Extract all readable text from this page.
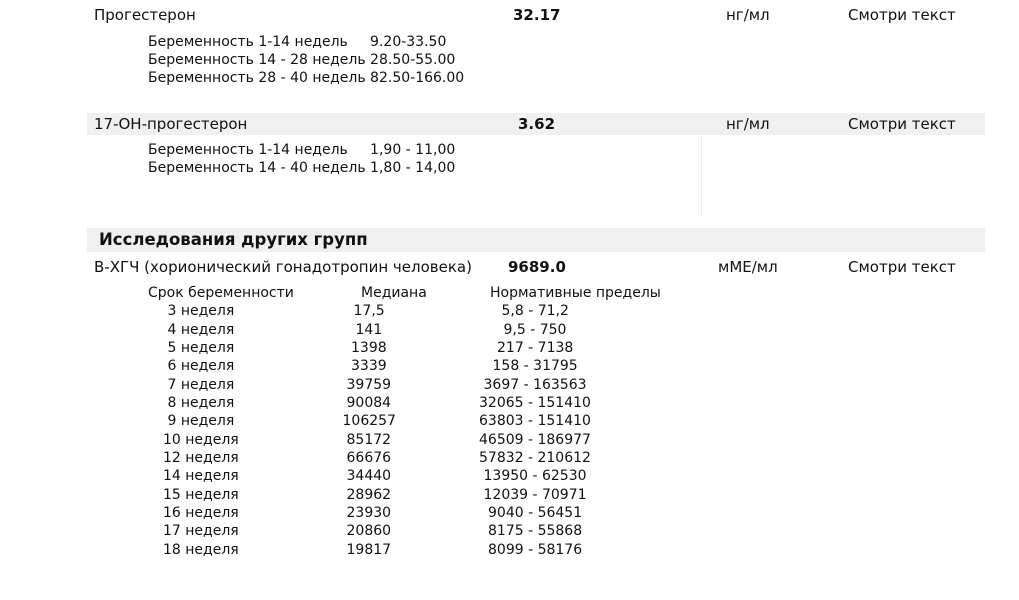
Прогестерон	32.17	нг/мл	Смотри текст
Беременность 1-14 недель     9.20-33.50
Беременность 14 - 28 недель 28.50-55.00
Беременность 28 - 40 недель 82.50-166.00
17-ОН-прогестерон	3.62	нг/мл	Смотри текст
Беременность 1-14 недель     1,90 - 11,00
Беременность 14 - 40 недель 1,80 - 14,00
Исследования других групп
B-ХГЧ (хорионический гонадотропин человека) 9689.0	мМЕ/мл	Смотри текст
Срок беременности	Медиана	Нормативные пределы
3 неделя	17,5	5,8 - 71,2
4 неделя	141	9,5 - 750
5 неделя	1398	217 - 7138
6 неделя	3339	158 - 31795
7 неделя	39759	3697 - 163563
8 неделя	90084	32065 - 151410
9 неделя	106257	63803 - 151410
10 неделя	85172	46509 - 186977
12 неделя	66676	57832 - 210612
14 неделя	34440	13950 - 62530
15 неделя	28962	12039 - 70971
16 неделя	23930	9040 - 56451
17 неделя	20860	8175 - 55868
18 неделя	19817	8099 - 58176
